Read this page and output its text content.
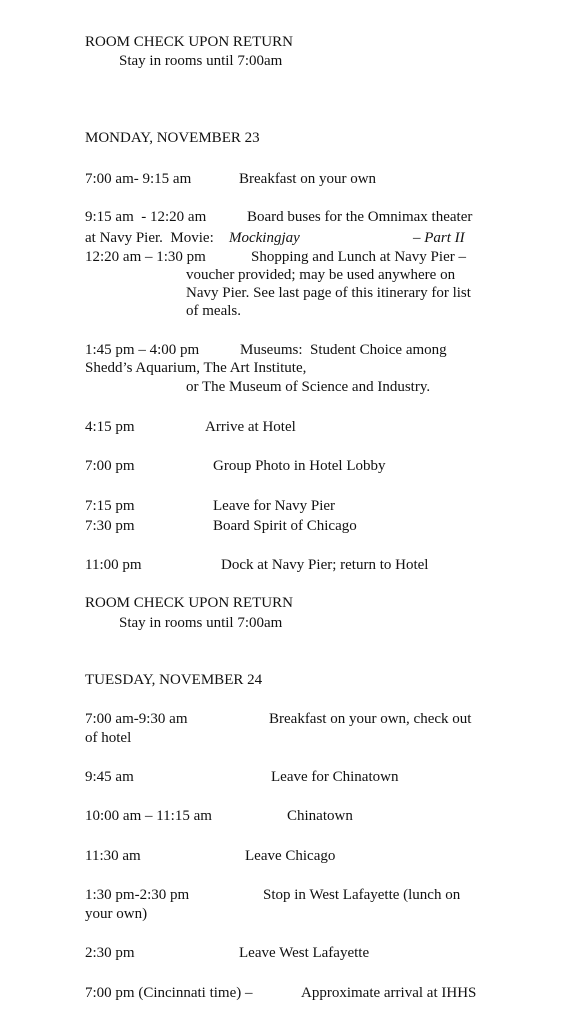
ROOM CHECK UPON RETURN
Stay in rooms until 7:00am
MONDAY, NOVEMBER 23
7:00 am- 9:15 am	Breakfast on your own
9:15 am  - 12:20 am	Board buses for the Omnimax theater
at Navy Pier.  Movie: Mockingjay	– Part II
12:20 am – 1:30 pm	Shopping and Lunch at Navy Pier –
voucher provided; may be used anywhere on
Navy Pier. See last page of this itinerary for list
of meals.
1:45 pm – 4:00 pm	Museums:  Student Choice among
Shedd’s Aquarium, The Art Institute,
or The Museum of Science and Industry.
4:15 pm	Arrive at Hotel
7:00 pm	Group Photo in Hotel Lobby
7:15 pm	Leave for Navy Pier
7:30 pm	Board Spirit of Chicago
11:00 pm	Dock at Navy Pier; return to Hotel
ROOM CHECK UPON RETURN
Stay in rooms until 7:00am
TUESDAY, NOVEMBER 24
7:00 am-9:30 am	Breakfast on your own, check out
of hotel
9:45 am	Leave for Chinatown
10:00 am – 11:15 am	Chinatown
11:30 am	Leave Chicago
1:30 pm-2:30 pm	Stop in West Lafayette (lunch on
your own)
2:30 pm	Leave West Lafayette
7:00 pm (Cincinnati time) –	Approximate arrival at IHHS
